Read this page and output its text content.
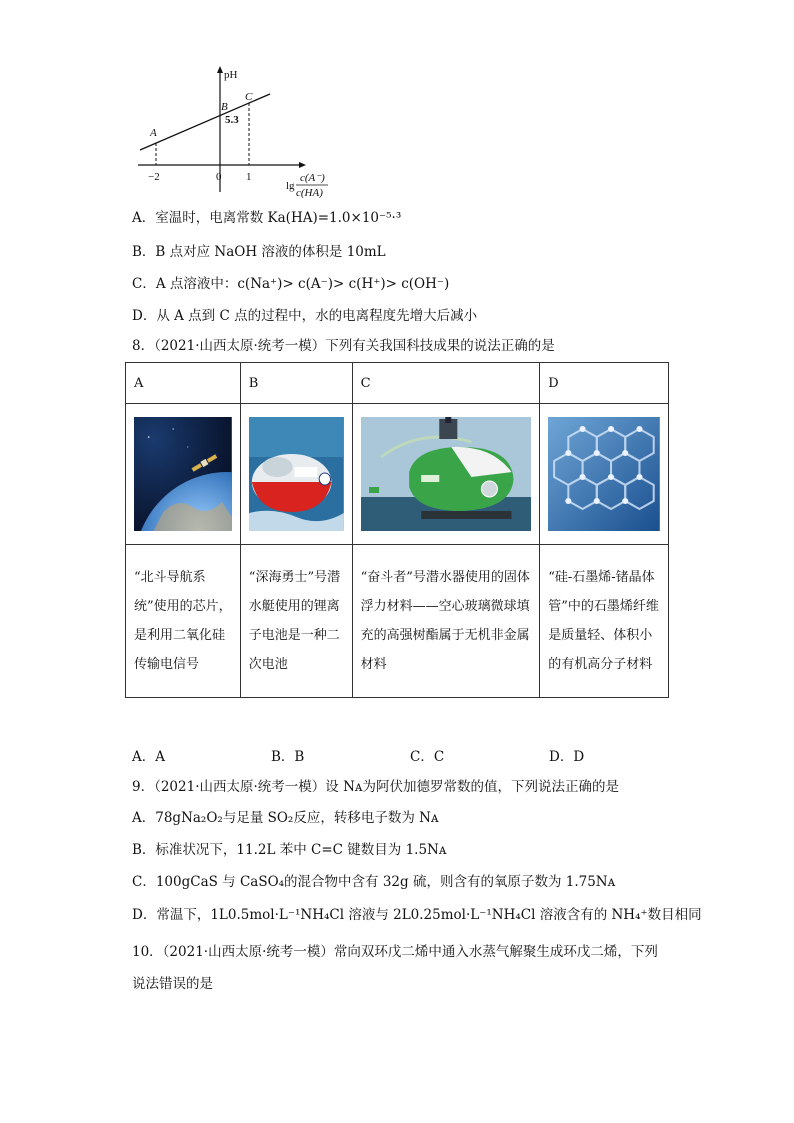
pH
A
B
C
5.3
−2	0 1
lg
c(A⁻)
c(HA)
A．室温时，电离常数 Ka(HA)=1.0×10⁻⁵·³
B．B 点对应 NaOH 溶液的体积是 10mL
C．A 点溶液中：c(Na⁺)> c(A⁻)> c(H⁺)> c(OH⁻)
D．从 A 点到 C 点的过程中，水的电离程度先增大后减小
8．（2021·山西太原·统考一模）下列有关我国科技成果的说法正确的是
A	B	C	D

“北斗导航系统”使用的芯片，是利用二氧化硅传输电信号	“深海勇士”号潜水艇使用的锂离子电池是一种二次电池	“奋斗者”号潜水器使用的固体浮力材料——空心玻璃微球填充的高强树酯属于无机非金属材料	“硅-石墨烯-锗晶体管”中的石墨烯纤维是质量轻、体积小的有机高分子材料
A．A	B．B	C．C	D．D
9．（2021·山西太原·统考一模）设 Nᴀ为阿伏加德罗常数的值，下列说法正确的是
A．78gNa₂O₂与足量 SO₂反应，转移电子数为 Nᴀ
B．标准状况下，11.2L 苯中 C=C 键数目为 1.5Nᴀ
C．100gCaS 与 CaSO₄的混合物中含有 32g 硫，则含有的氧原子数为 1.75Nᴀ
D．常温下，1L0.5mol·L⁻¹NH₄Cl 溶液与 2L0.25mol·L⁻¹NH₄Cl 溶液含有的 NH₄⁺数目相同
10．（2021·山西太原·统考一模）常向双环戊二烯中通入水蒸气解聚生成环戊二烯，下列
说法错误的是
